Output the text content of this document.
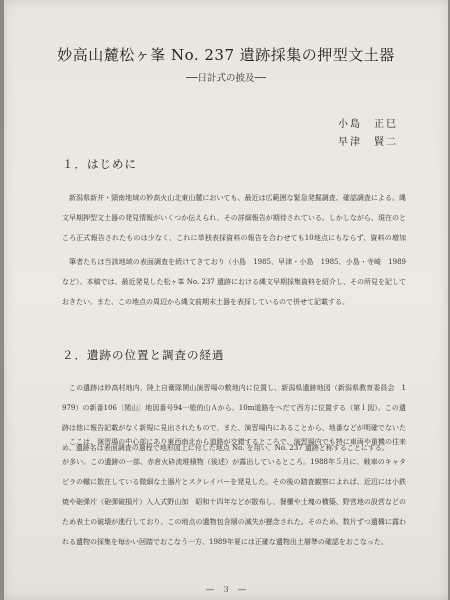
妙高山麓松ヶ峯 No. 237 遺跡採集の押型文土器
──日計式の披及──
小島　正巳
早津　賢二
１．はじめに
新潟県新井・頸南地域の妙高火山北東山麓においても、最近は広範囲な緊急発掘調査、確認調査による。縄文早期押型文土器の発見情報がいくつか伝えられ、その詳細報告が期待されている。しかしながら、現在のところ正式報告されたものは少なく、これに単独表採資料の報告を合わせても10地点にもならず、資料の増加
筆者たちは当該地域の表面調査を続けてきており（小島　1985、早津・小島　1985、小島・寺崎　1989など）、本稿では、最近発見した松ヶ峯 No. 237 遺跡における縄文早期採集資料を紹介し、その所見を記しておきたい。また、この地点の周辺から縄文前期末土器を表採しているので併せて記載する。
２．遺跡の位置と調査の経過
この遺跡は妙高村地内、陸上自衛隊関山演習場の敷地内に位置し、新潟県遺跡地図（新潟県教育委員会　1979）の新番106〔関山〕地図番号94一般的山Ａから、10m道路をへだて西方に位置する（第１図）。この遺跡は他に報告記載がなく新規に見出されたもので、また、演習場内にあることから、地番などが明確でないため、遺跡名は表面調査の過程で地形図上に付した地点 No. を用い、No. 237 遺跡と称することにする。
ここは、演習場の中心部にあり東西南北から道路が交錯するところで、演習場内でも特に車両や重機の往来が多い。この遺跡の一部、赤倉火砕流堆積物（後述）が露出しているところ。1988年５月に、戦車のキャタピラの轍に散在している微細な土器片とスクレイパーを発見した。その後の踏査観察によれば、近辺には小鉄焼や砲弾片（砲弾破損片）入人式野山加　昭和十四年などが散布し、餐櫃や土塊の横築、野営地の設営などのため表土の破壊が進行しており、この地点の遺物包含層の滅失が懸念された。そのため、数片ずつ遺構に露われる遺物の採集を毎かい回踏でおこなう一方、1989年夏には正確な遺物出土層準の確認をおこなった。
―　３　―
